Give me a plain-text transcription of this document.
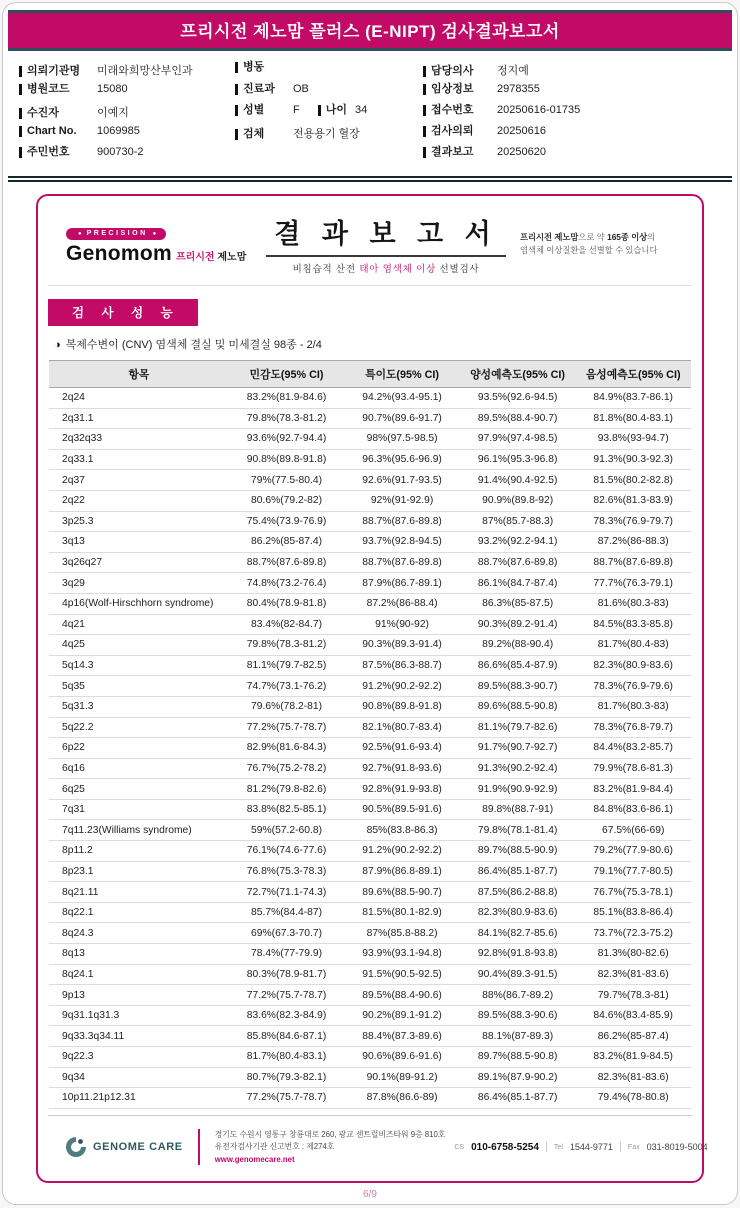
프리시전 제노맘 플러스 (E-NIPT) 검사결과보고서
의뢰기관명	미래와희망산부인과
병원코드	15080
수진자	이예지
Chart No.	1069985
주민번호	900730-2
병동
진료과	OB
성별	F	나이 34
검체	전용용기 혈장
담당의사	정지예
임상정보	2978355
접수번호	20250616-01735
검사의뢰	20250616
결과보고	20250620
● PRECISION ●
Genomom 프리시전 제노맘
결 과 보 고 서
비침습적 산전 태아 염색체 이상 선별검사
프리시전 제노맘으로 약 165종 이상의
염색체 이상질환을 선별할 수 있습니다
검 사 성 능
◑ 복제수변이 (CNV) 염색체 결실 및 미세결실 98종 - 2/4
항목	민감도(95% CI)	특이도(95% CI)	양성예측도(95% CI)	음성예측도(95% CI)
2q24	83.2%(81.9-84.6)	94.2%(93.4-95.1)	93.5%(92.6-94.5)	84.9%(83.7-86.1)
2q31.1	79.8%(78.3-81.2)	90.7%(89.6-91.7)	89.5%(88.4-90.7)	81.8%(80.4-83.1)
2q32q33	93.6%(92.7-94.4)	98%(97.5-98.5)	97.9%(97.4-98.5)	93.8%(93-94.7)
2q33.1	90.8%(89.8-91.8)	96.3%(95.6-96.9)	96.1%(95.3-96.8)	91.3%(90.3-92.3)
2q37	79%(77.5-80.4)	92.6%(91.7-93.5)	91.4%(90.4-92.5)	81.5%(80.2-82.8)
2q22	80.6%(79.2-82)	92%(91-92.9)	90.9%(89.8-92)	82.6%(81.3-83.9)
3p25.3	75.4%(73.9-76.9)	88.7%(87.6-89.8)	87%(85.7-88.3)	78.3%(76.9-79.7)
3q13	86.2%(85-87.4)	93.7%(92.8-94.5)	93.2%(92.2-94.1)	87.2%(86-88.3)
3q26q27	88.7%(87.6-89.8)	88.7%(87.6-89.8)	88.7%(87.6-89.8)	88.7%(87.6-89.8)
3q29	74.8%(73.2-76.4)	87.9%(86.7-89.1)	86.1%(84.7-87.4)	77.7%(76.3-79.1)
4p16(Wolf-Hirschhorn syndrome)	80.4%(78.9-81.8)	87.2%(86-88.4)	86.3%(85-87.5)	81.6%(80.3-83)
4q21	83.4%(82-84.7)	91%(90-92)	90.3%(89.2-91.4)	84.5%(83.3-85.8)
4q25	79.8%(78.3-81.2)	90.3%(89.3-91.4)	89.2%(88-90.4)	81.7%(80.4-83)
5q14.3	81.1%(79.7-82.5)	87.5%(86.3-88.7)	86.6%(85.4-87.9)	82.3%(80.9-83.6)
5q35	74.7%(73.1-76.2)	91.2%(90.2-92.2)	89.5%(88.3-90.7)	78.3%(76.9-79.6)
5q31.3	79.6%(78.2-81)	90.8%(89.8-91.8)	89.6%(88.5-90.8)	81.7%(80.3-83)
5q22.2	77.2%(75.7-78.7)	82.1%(80.7-83.4)	81.1%(79.7-82.6)	78.3%(76.8-79.7)
6p22	82.9%(81.6-84.3)	92.5%(91.6-93.4)	91.7%(90.7-92.7)	84.4%(83.2-85.7)
6q16	76.7%(75.2-78.2)	92.7%(91.8-93.6)	91.3%(90.2-92.4)	79.9%(78.6-81.3)
6q25	81.2%(79.8-82.6)	92.8%(91.9-93.8)	91.9%(90.9-92.9)	83.2%(81.9-84.4)
7q31	83.8%(82.5-85.1)	90.5%(89.5-91.6)	89.8%(88.7-91)	84.8%(83.6-86.1)
7q11.23(Williams syndrome)	59%(57.2-60.8)	85%(83.8-86.3)	79.8%(78.1-81.4)	67.5%(66-69)
8p11.2	76.1%(74.6-77.6)	91.2%(90.2-92.2)	89.7%(88.5-90.9)	79.2%(77.9-80.6)
8p23.1	76.8%(75.3-78.3)	87.9%(86.8-89.1)	86.4%(85.1-87.7)	79.1%(77.7-80.5)
8q21.11	72.7%(71.1-74.3)	89.6%(88.5-90.7)	87.5%(86.2-88.8)	76.7%(75.3-78.1)
8q22.1	85.7%(84.4-87)	81.5%(80.1-82.9)	82.3%(80.9-83.6)	85.1%(83.8-86.4)
8q24.3	69%(67.3-70.7)	87%(85.8-88.2)	84.1%(82.7-85.6)	73.7%(72.3-75.2)
8q13	78.4%(77-79.9)	93.9%(93.1-94.8)	92.8%(91.8-93.8)	81.3%(80-82.6)
8q24.1	80.3%(78.9-81.7)	91.5%(90.5-92.5)	90.4%(89.3-91.5)	82.3%(81-83.6)
9p13	77.2%(75.7-78.7)	89.5%(88.4-90.6)	88%(86.7-89.2)	79.7%(78.3-81)
9q31.1q31.3	83.6%(82.3-84.9)	90.2%(89.1-91.2)	89.5%(88.3-90.6)	84.6%(83.4-85.9)
9q33.3q34.11	85.8%(84.6-87.1)	88.4%(87.3-89.6)	88.1%(87-89.3)	86.2%(85-87.4)
9q22.3	81.7%(80.4-83.1)	90.6%(89.6-91.6)	89.7%(88.5-90.8)	83.2%(81.9-84.5)
9q34	80.7%(79.3-82.1)	90.1%(89-91.2)	89.1%(87.9-90.2)	82.3%(81-83.6)
10p11.21p12.31	77.2%(75.7-78.7)	87.8%(86.6-89)	86.4%(85.1-87.7)	79.4%(78-80.8)
GENOME CARE
경기도 수원시 영통구 창룡대로 260, 광교 센트럴비즈타워 9층 810호
유전자검사기관 신고번호 : 제274호
www.genomecare.net
CS 010-6758-5254 Tel 1544-9771 Fax 031-8019-5004
6/9
